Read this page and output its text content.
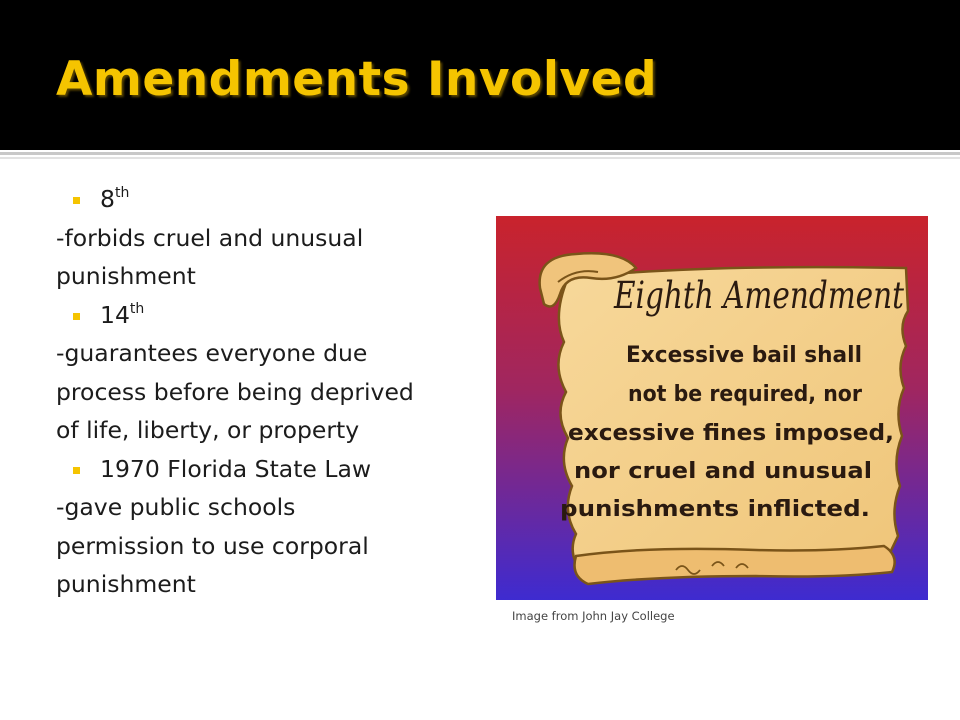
Amendments Involved
8th
-forbids cruel and unusual
punishment
14th
-guarantees everyone due
process before being deprived
of life, liberty, or property
1970 Florida State Law
-gave public schools
permission to use corporal
punishment
Eighth Amendment
Excessive bail shall
not be required, nor
excessive fines imposed,
nor cruel and unusual
punishments inflicted.
Image from John Jay College
